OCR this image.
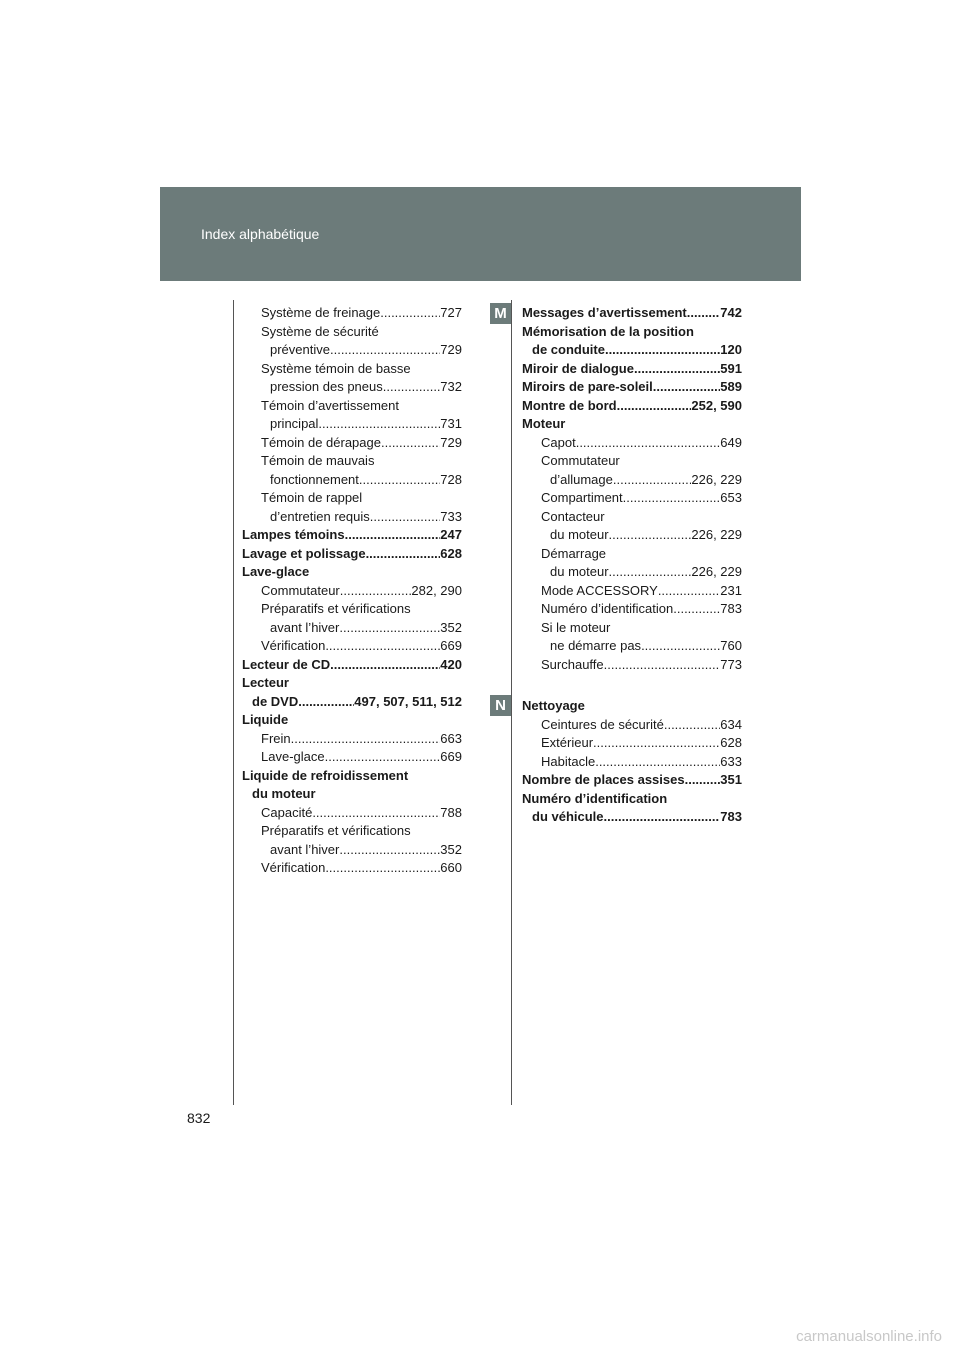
Index alphabétique
Système de freinage .....	727
Système de sécurité
préventive .....	729
Système témoin de basse
pression des pneus .....	732
Témoin d’avertissement
principal .....	731
Témoin de dérapage .....	729
Témoin de mauvais
fonctionnement .....	728
Témoin de rappel
d’entretien requis .....	733
Lampes témoins .....	247
Lavage et polissage .....	628
Lave-glace
Commutateur .....	282, 290
Préparatifs et vérifications
avant l’hiver .....	352
Vérification .....	669
Lecteur de CD .....	420
Lecteur
de DVD .....	497, 507, 511, 512
Liquide
Frein .....	663
Lave-glace .....	669
Liquide de refroidissement
du moteur
Capacité .....	788
Préparatifs et vérifications
avant l’hiver .....	352
Vérification .....	660
M	Messages d’avertissement .....	742
Mémorisation de la position
de conduite .....	120
Miroir de dialogue .....	591
Miroirs de pare-soleil .....	589
Montre de bord .....	252, 590
Moteur
Capot .....	649
Commutateur
d’allumage .....	226, 229
Compartiment .....	653
Contacteur
du moteur .....	226, 229
Démarrage
du moteur .....	226, 229
Mode ACCESSORY .....	231
Numéro d’identification .....	783
Si le moteur
ne démarre pas .....	760
Surchauffe .....	773
N	Nettoyage
Ceintures de sécurité .....	634
Extérieur .....	628
Habitacle .....	633
Nombre de places assises .....	351
Numéro d’identification
du véhicule .....	783
832
carmanualsonline.info
